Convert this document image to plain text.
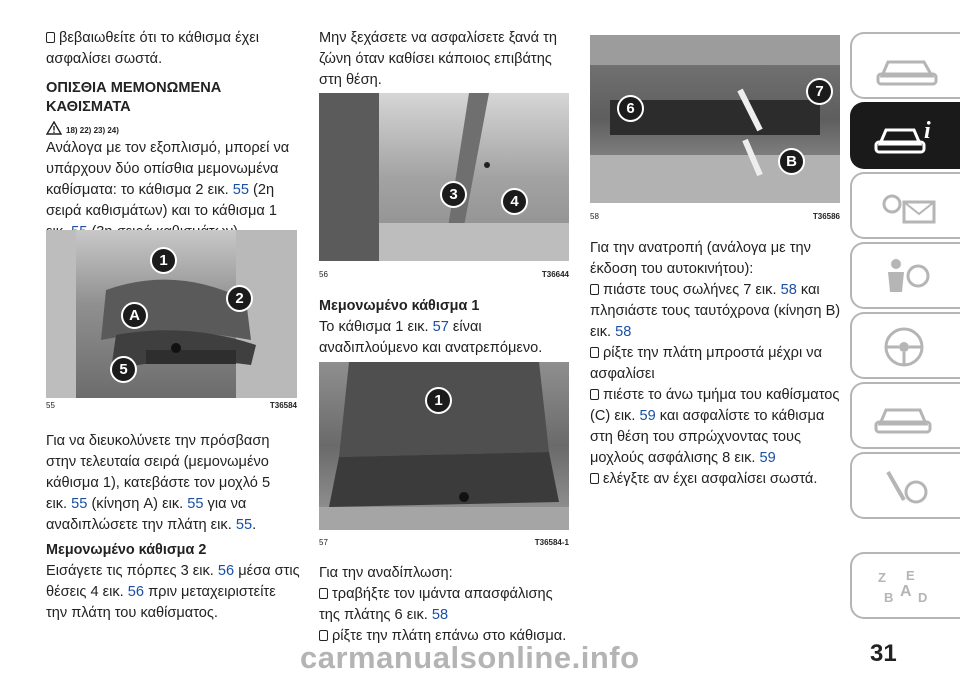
βεβαιωθείτε ότι το κάθισμα έχει

ασφαλίσει σωστά.

ΟΠΙΣΘΙΑ ΜΕΜΟΝΩΜΕΝΑ
ΚΑΘΙΣΜΑΤΑ
18) 22) 23) 24)

Ανάλογα με τον εξοπλισμό, μπορεί να

υπάρχουν δύο οπίσθια μεμονωμένα

καθίσματα: το κάθισμα 2 εικ. 55 (2η

σειρά καθισμάτων) και το κάθισμα 1

1
2
A
5
55	T36584

Για να διευκολύνετε την πρόσβαση

στην τελευταία σειρά (μεμονωμένο

κάθισμα 1), κατεβάστε τον μοχλό 5

εικ. 55 (κίνηση A) εικ. 55 για να

αναδιπλώσετε την πλάτη εικ. 55.

Μεμονωμένο κάθισμα 2

Εισάγετε τις πόρπες 3 εικ. 56 μέσα στις

θέσεις 4 εικ. 56 πριν μεταχειριστείτε

την πλάτη του καθίσματος.

Μην ξεχάσετε να ασφαλίσετε ξανά τη

ζώνη όταν καθίσει κάποιος επιβάτης

στη θέση.

3	4
56	T36644
Μεμονωμένο κάθισμα 1

Το κάθισμα 1 εικ. 57 είναι

αναδιπλούμενο και ανατρεπόμενο.

1
57	T36584-1

Για την αναδίπλωση:

τραβήξτε τον ιμάντα απασφάλισης

της πλάτης 6 εικ. 58

ρίξτε την πλάτη επάνω στο κάθισμα.

6
7
B
58	T36586

Για την ανατροπή (ανάλογα με την

έκδοση του αυτοκινήτου):

πιάστε τους σωλήνες 7 εικ. 58 και

πλησιάστε τους ταυτόχρονα (κίνηση B)

εικ. 58

ρίξτε την πλάτη μπροστά μέχρι να

ασφαλίσει

πιέστε το άνω τμήμα του καθίσματος

(C) εικ. 59 και ασφαλίστε το κάθισμα

στη θέση του σπρώχνοντας τους

μοχλούς ασφάλισης 8 εικ. 59

ελέγξτε αν έχει ασφαλίσει σωστά.

i
Z E
B D
A
31
carmanualsonline.info
